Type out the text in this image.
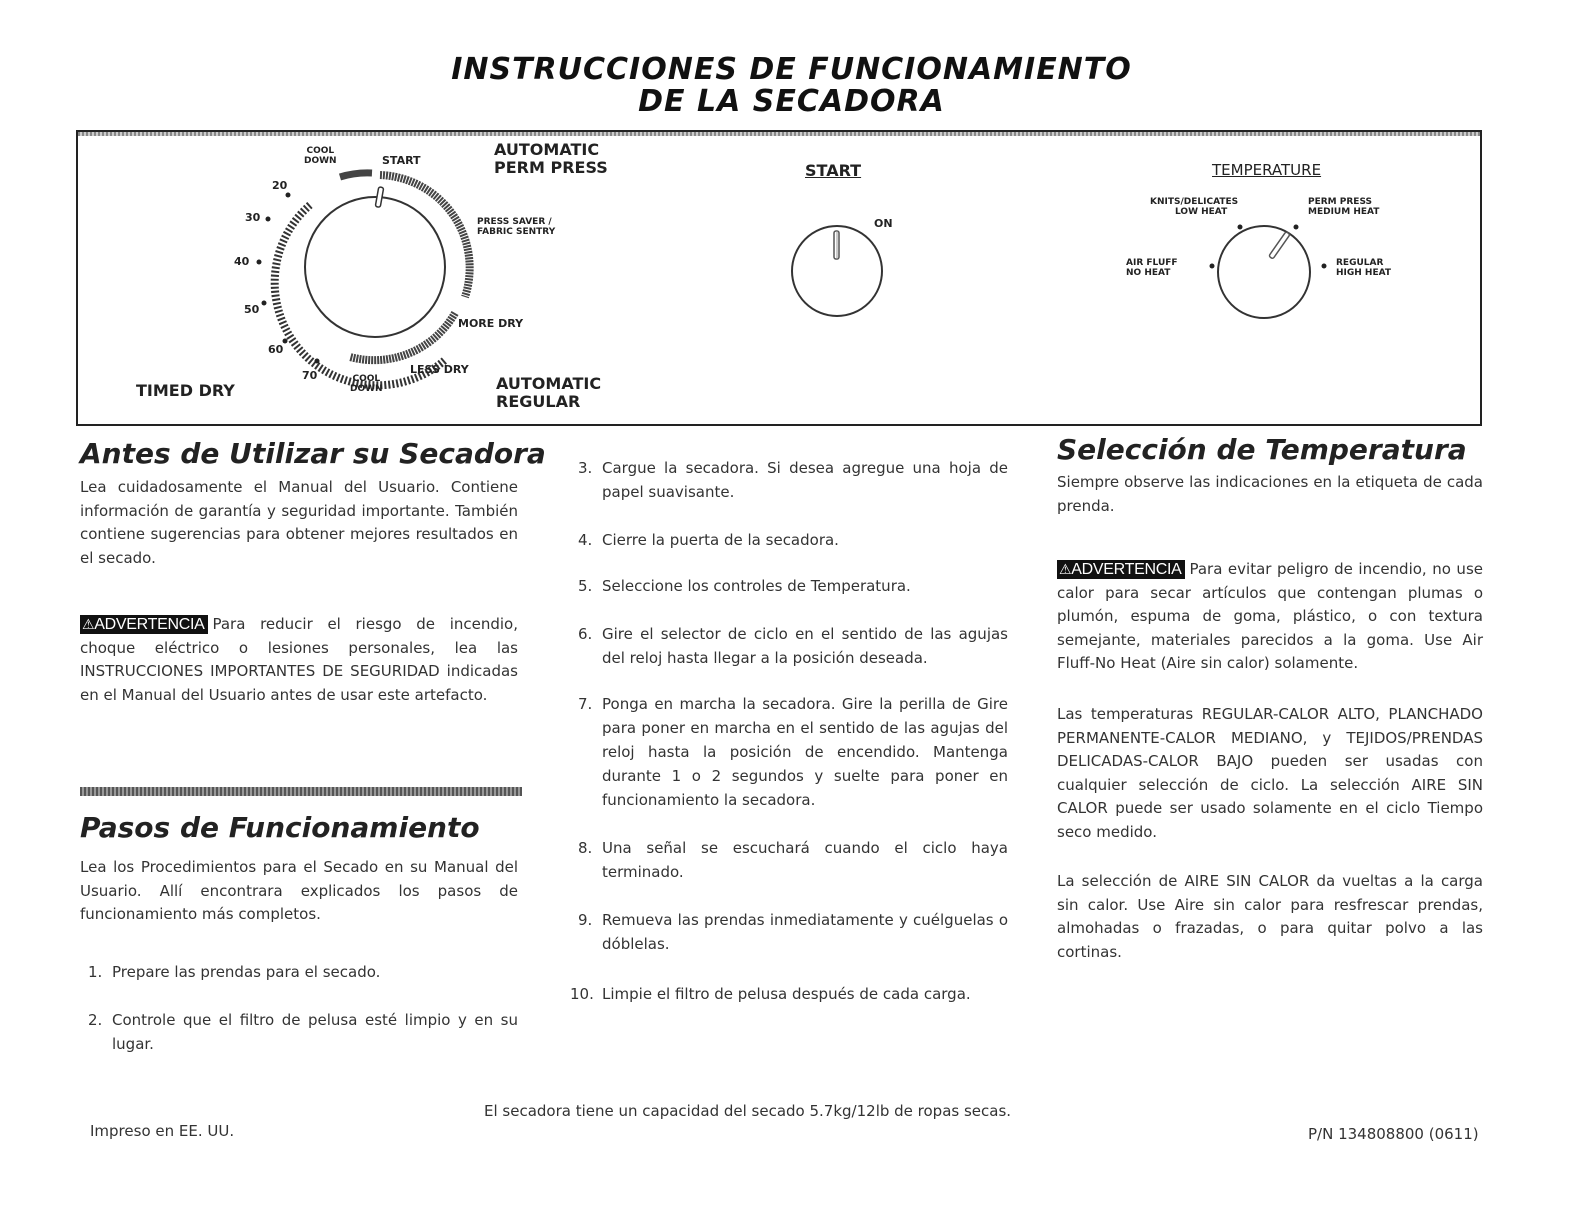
INSTRUCCIONES DE FUNCIONAMIENTO
DE LA SECADORA
COOL
DOWN	START
AUTOMATIC
PERM PRESS
PRESS SAVER /
FABRIC SENTRY
MORE DRY
LESS DRY
COOL
DOWN	AUTOMATIC
REGULAR
TIMED DRY
20
30
40
50
60
70
START
ON
TEMPERATURE
KNITS/DELICATES
LOW HEAT
PERM PRESS
MEDIUM HEAT
AIR FLUFF
NO HEAT
REGULAR
HIGH HEAT
Antes de Utilizar su Secadora
Lea cuidadosamente el Manual del Usuario. Contiene información de garantía y seguridad importante. También contiene sugerencias para obtener mejores resultados en el secado.
⚠ADVERTENCIA Para reducir el riesgo de incendio, choque eléctrico o lesiones personales, lea las INSTRUCCIONES IMPORTANTES DE SEGURIDAD indicadas en el Manual del Usuario antes de usar este artefacto.
Pasos de Funcionamiento
Lea los Procedimientos para el Secado en su Manual del Usuario. Allí encontrara explicados los pasos de funcionamiento más completos.
1. Prepare las prendas para el secado.
2. Controle que el filtro de pelusa esté limpio y en su lugar.
3. Cargue la secadora. Si desea agregue una hoja de papel suavisante.
4. Cierre la puerta de la secadora.
5. Seleccione los controles de Temperatura.
6. Gire el selector de ciclo en el sentido de las agujas del reloj hasta llegar a la posición deseada.
7. Ponga en marcha la secadora. Gire la perilla de Gire para poner en marcha en el sentido de las agujas del reloj hasta la posición de encendido. Mantenga durante 1 o 2 segundos y suelte para poner en funcionamiento la secadora.
8. Una señal se escuchará cuando el ciclo haya terminado.
9. Remueva las prendas inmediatamente y cuélguelas o dóblelas.
10. Limpie el filtro de pelusa después de cada carga.
Selección de Temperatura
Siempre observe las indicaciones en la etiqueta de cada prenda.
⚠ADVERTENCIA Para evitar peligro de incendio, no use calor para secar artículos que contengan plumas o plumón, espuma de goma, plástico, o con textura semejante, materiales parecidos a la goma. Use Air Fluff-No Heat (Aire sin calor) solamente.
Las temperaturas REGULAR-CALOR ALTO, PLANCHADO PERMANENTE-CALOR MEDIANO, y TEJIDOS/PRENDAS DELICADAS-CALOR BAJO pueden ser usadas con cualquier selección de ciclo. La selección AIRE SIN CALOR puede ser usado solamente en el ciclo Tiempo seco medido.
La selección de AIRE SIN CALOR da vueltas a la carga sin calor. Use Aire sin calor para resfrescar prendas, almohadas o frazadas, o para quitar polvo a las cortinas.
Impreso en EE. UU.
El secadora tiene un capacidad del secado 5.7kg/12lb de ropas secas.
P/N 134808800 (0611)
